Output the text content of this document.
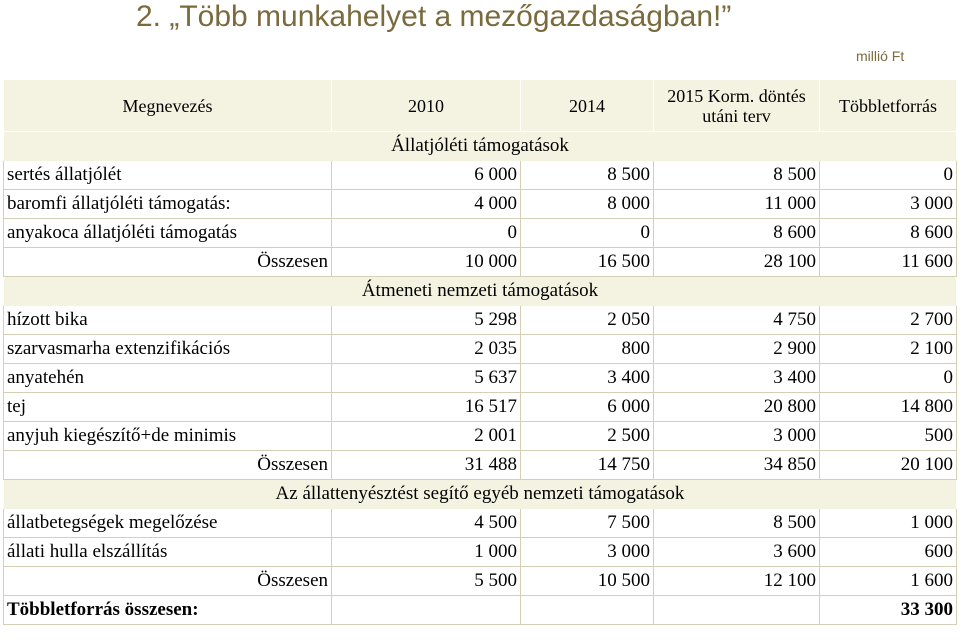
2. „Több munkahelyet a mezőgazdaságban!”
millió Ft
Megnevezés	2010	2014	2015 Korm. döntés utáni terv	Többletforrás
Állatjóléti támogatások				
sertés állatjólét	6 000	8 500	8 500	0
baromfi állatjóléti támogatás:	4 000	8 000	11 000	3 000
anyakoca állatjóléti támogatás	0	0	8 600	8 600
Összesen	10 000	16 500	28 100	11 600
Átmeneti nemzeti támogatások				
hízott bika	5 298	2 050	4 750	2 700
szarvasmarha extenzifikációs	2 035	800	2 900	2 100
anyatehén	5 637	3 400	3 400	0
tej	16 517	6 000	20 800	14 800
anyjuh kiegészítő+de minimis	2 001	2 500	3 000	500
Összesen	31 488	14 750	34 850	20 100
Az állattenyésztést segítő egyéb nemzeti támogatások				
állatbetegségek megelőzése	4 500	7 500	8 500	1 000
állati hulla elszállítás	1 000	3 000	3 600	600
Összesen	5 500	10 500	12 100	1 600
Többletforrás összesen:				33 300
